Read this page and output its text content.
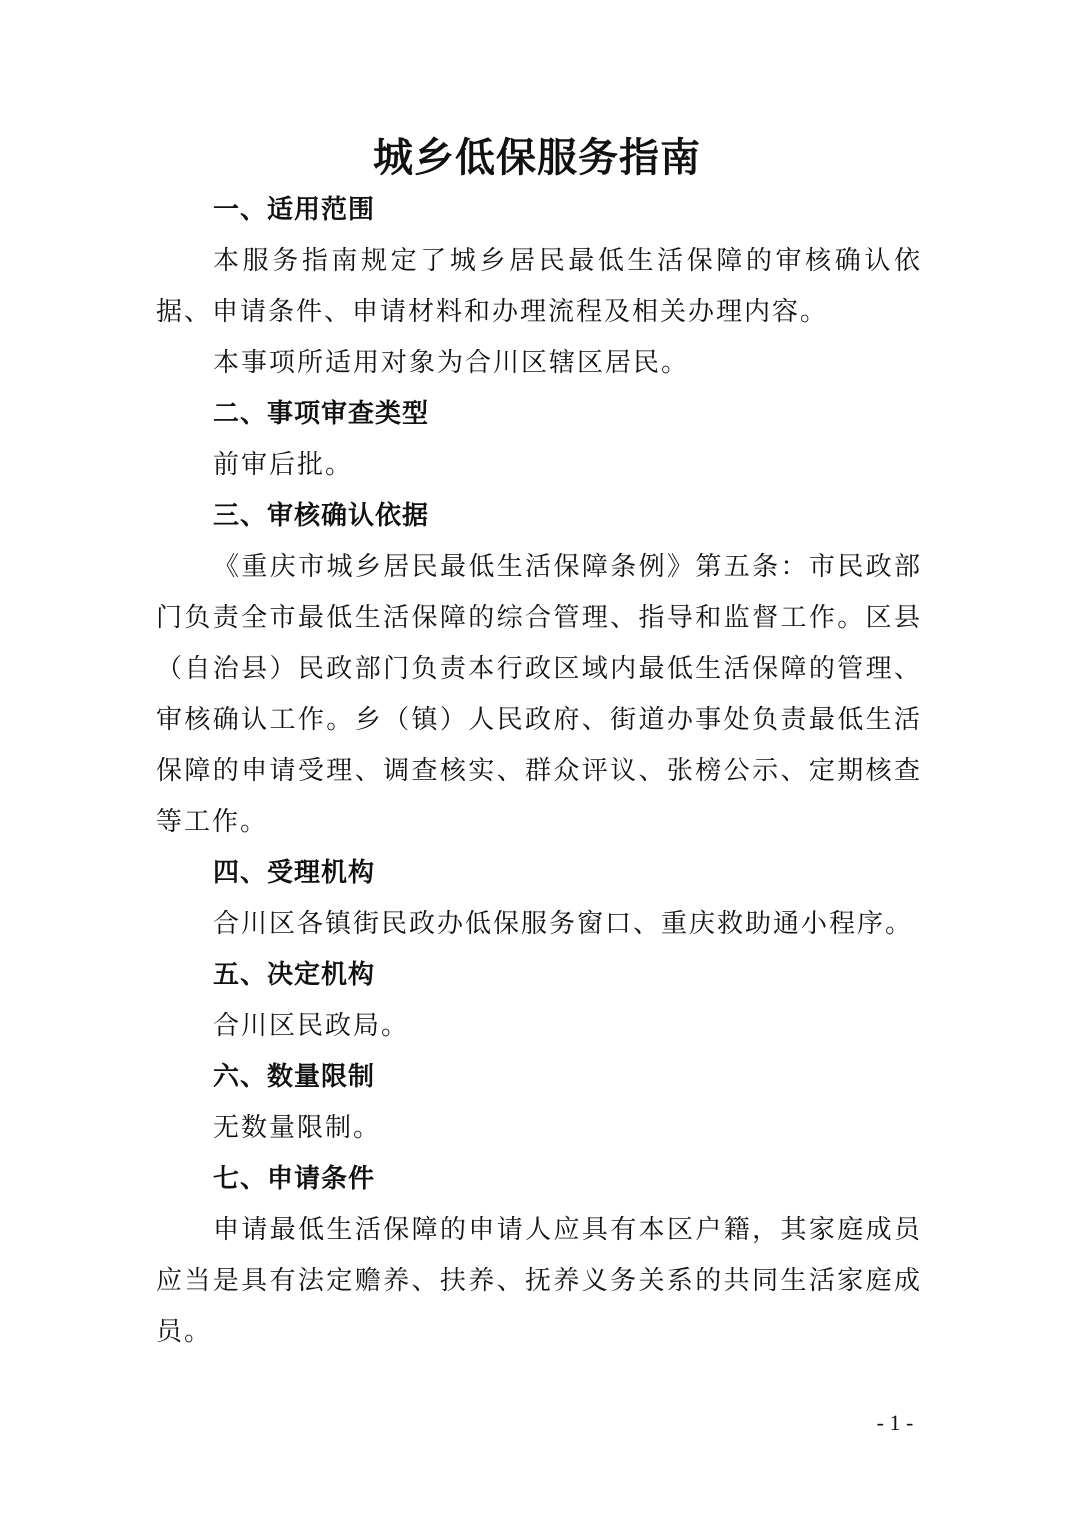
城乡低保服务指南
一、适用范围

本服务指南规定了城乡居民最低生活保障的审核确认依据、申请条件、申请材料和办理流程及相关办理内容。

本事项所适用对象为合川区辖区居民。

二、事项审查类型

前审后批。

三、审核确认依据

《重庆市城乡居民最低生活保障条例》第五条：市民政部门负责全市最低生活保障的综合管理、指导和监督工作。区县（自治县）民政部门负责本行政区域内最低生活保障的管理、审核确认工作。乡（镇）人民政府、街道办事处负责最低生活保障的申请受理、调查核实、群众评议、张榜公示、定期核查等工作。

四、受理机构

合川区各镇街民政办低保服务窗口、重庆救助通小程序。

五、决定机构

合川区民政局。

六、数量限制

无数量限制。

七、申请条件

申请最低生活保障的申请人应具有本区户籍，其家庭成员应当是具有法定赡养、扶养、抚养义务关系的共同生活家庭成员。

- 1 -
